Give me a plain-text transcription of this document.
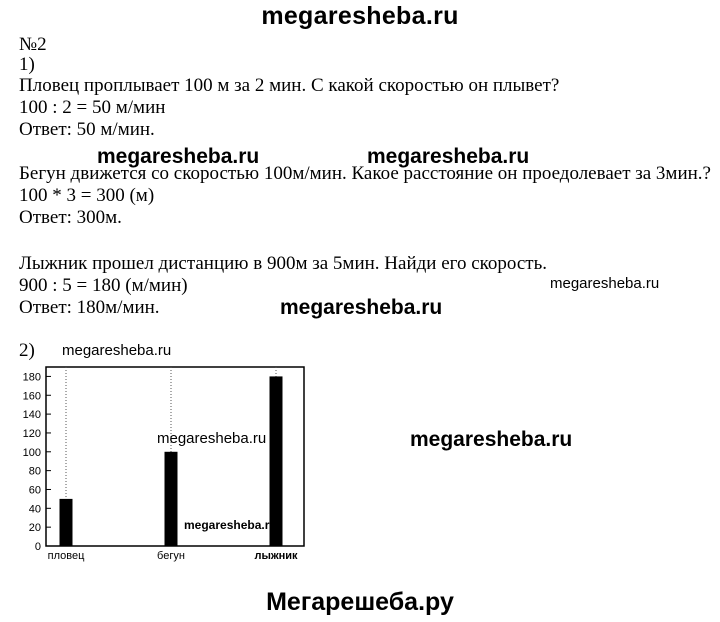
megaresheba.ru
№2
1)
Пловец проплывает 100 м за 2 мин. С какой скоростью он плывет?
100 : 2 = 50 м/мин
Ответ: 50 м/мин.
Бегун движется со скоростью 100м/мин. Какое расстояние он проедолевает за 3мин.?
100 * 3 = 300 (м)
Ответ: 300м.
Лыжник прошел дистанцию в 900м за 5мин. Найди его скорость.
900 : 5 = 180 (м/мин)
Ответ: 180м/мин.
2)
megaresheba.ru	megaresheba.ru
megaresheba.ru
megaresheba.ru
megaresheba.ru
megaresheba.ru
0
20
40
60
80
100
120
140
160
180
пловец	бегун	лыжник
megaresheba.ru
megaresheba.ru
Мегарешеба.ру
